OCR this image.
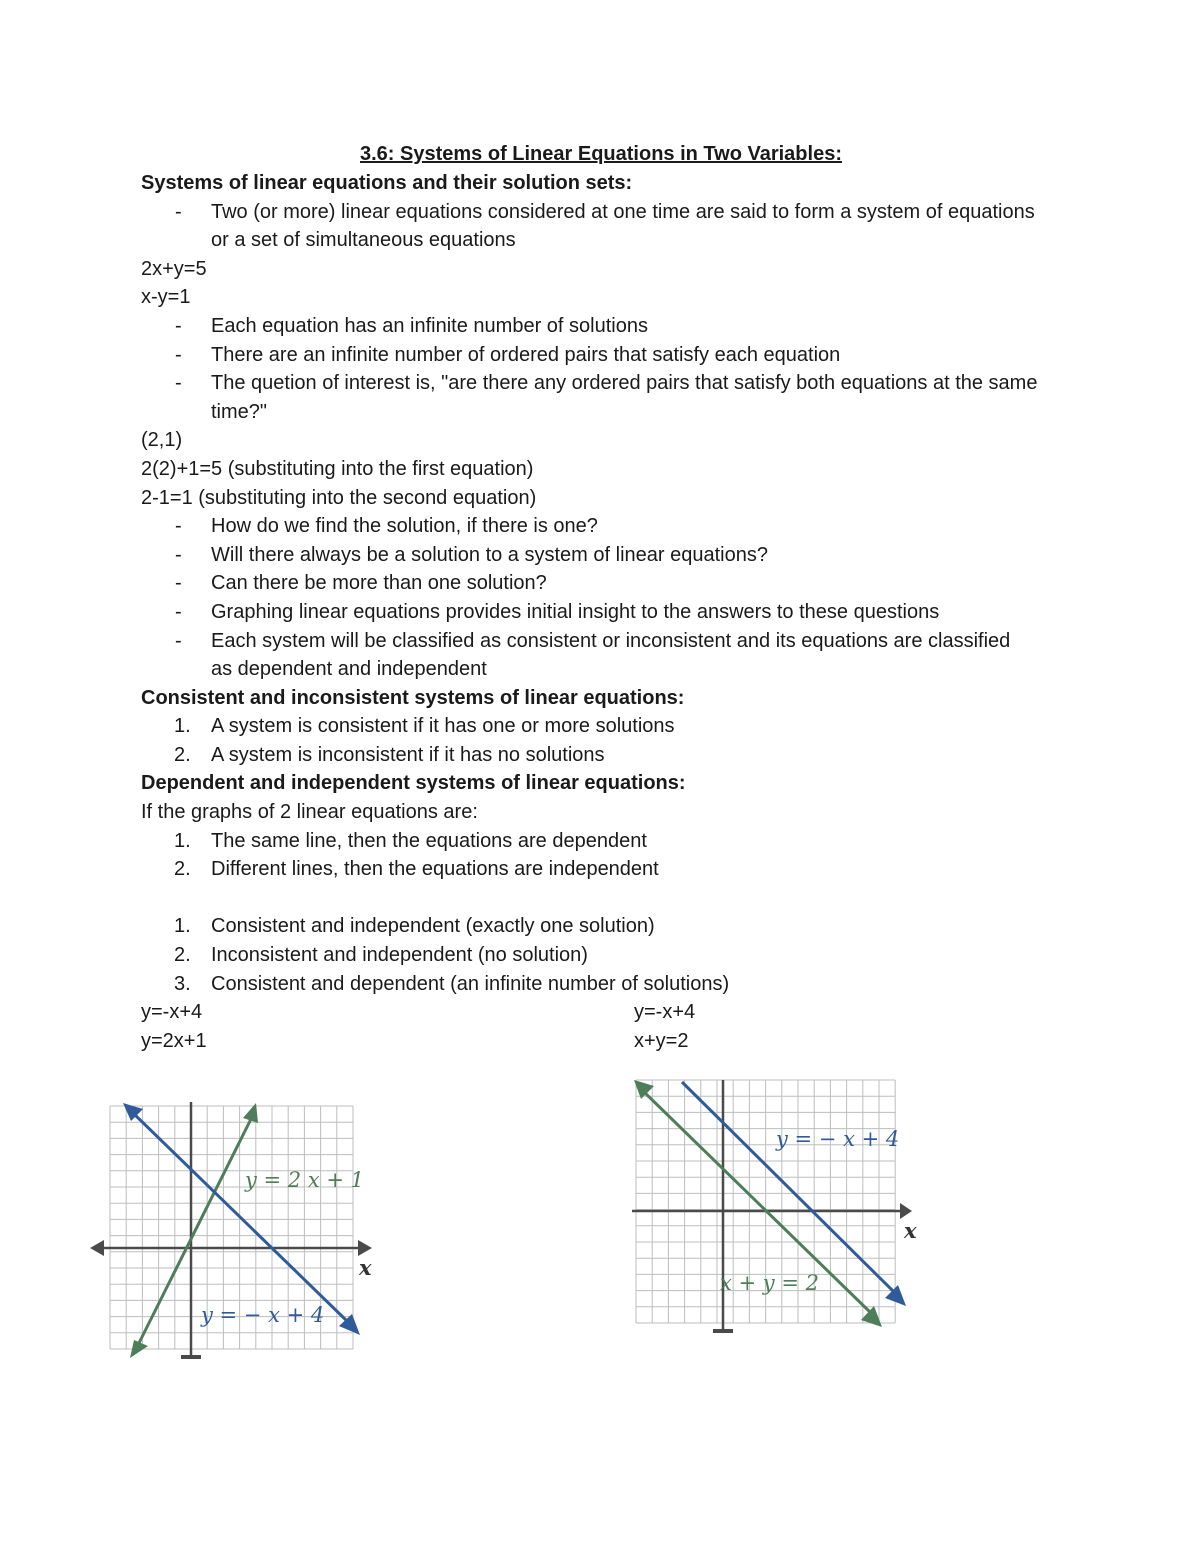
3.6: Systems of Linear Equations in Two Variables:
Systems of linear equations and their solution sets:
- Two (or more) linear equations considered at one time are said to form a system of equations or a set of simultaneous equations
2x+y=5
x-y=1
- Each equation has an infinite number of solutions
- There are an infinite number of ordered pairs that satisfy each equation
- The quetion of interest is, "are there any ordered pairs that satisfy both equations at the same time?"
(2,1)
2(2)+1=5 (substituting into the first equation)
2-1=1 (substituting into the second equation)
- How do we find the solution, if there is one?
- Will there always be a solution to a system of linear equations?
- Can there be more than one solution?
- Graphing linear equations provides initial insight to the answers to these questions
- Each system will be classified as consistent or inconsistent and its equations are classified as dependent and independent
Consistent and inconsistent systems of linear equations:
1. A system is consistent if it has one or more solutions
2. A system is inconsistent if it has no solutions
Dependent and independent systems of linear equations:
If the graphs of 2 linear equations are:
1. The same line, then the equations are dependent
2. Different lines, then the equations are independent
1. Consistent and independent (exactly one solution)
2. Inconsistent and independent (no solution)
3. Consistent and dependent (an infinite number of solutions)
y=-x+4
y=2x+1
y=-x+4
x+y=2
y = 2 x + 1
y = − x + 4
x
y = − x + 4
x + y = 2
x
